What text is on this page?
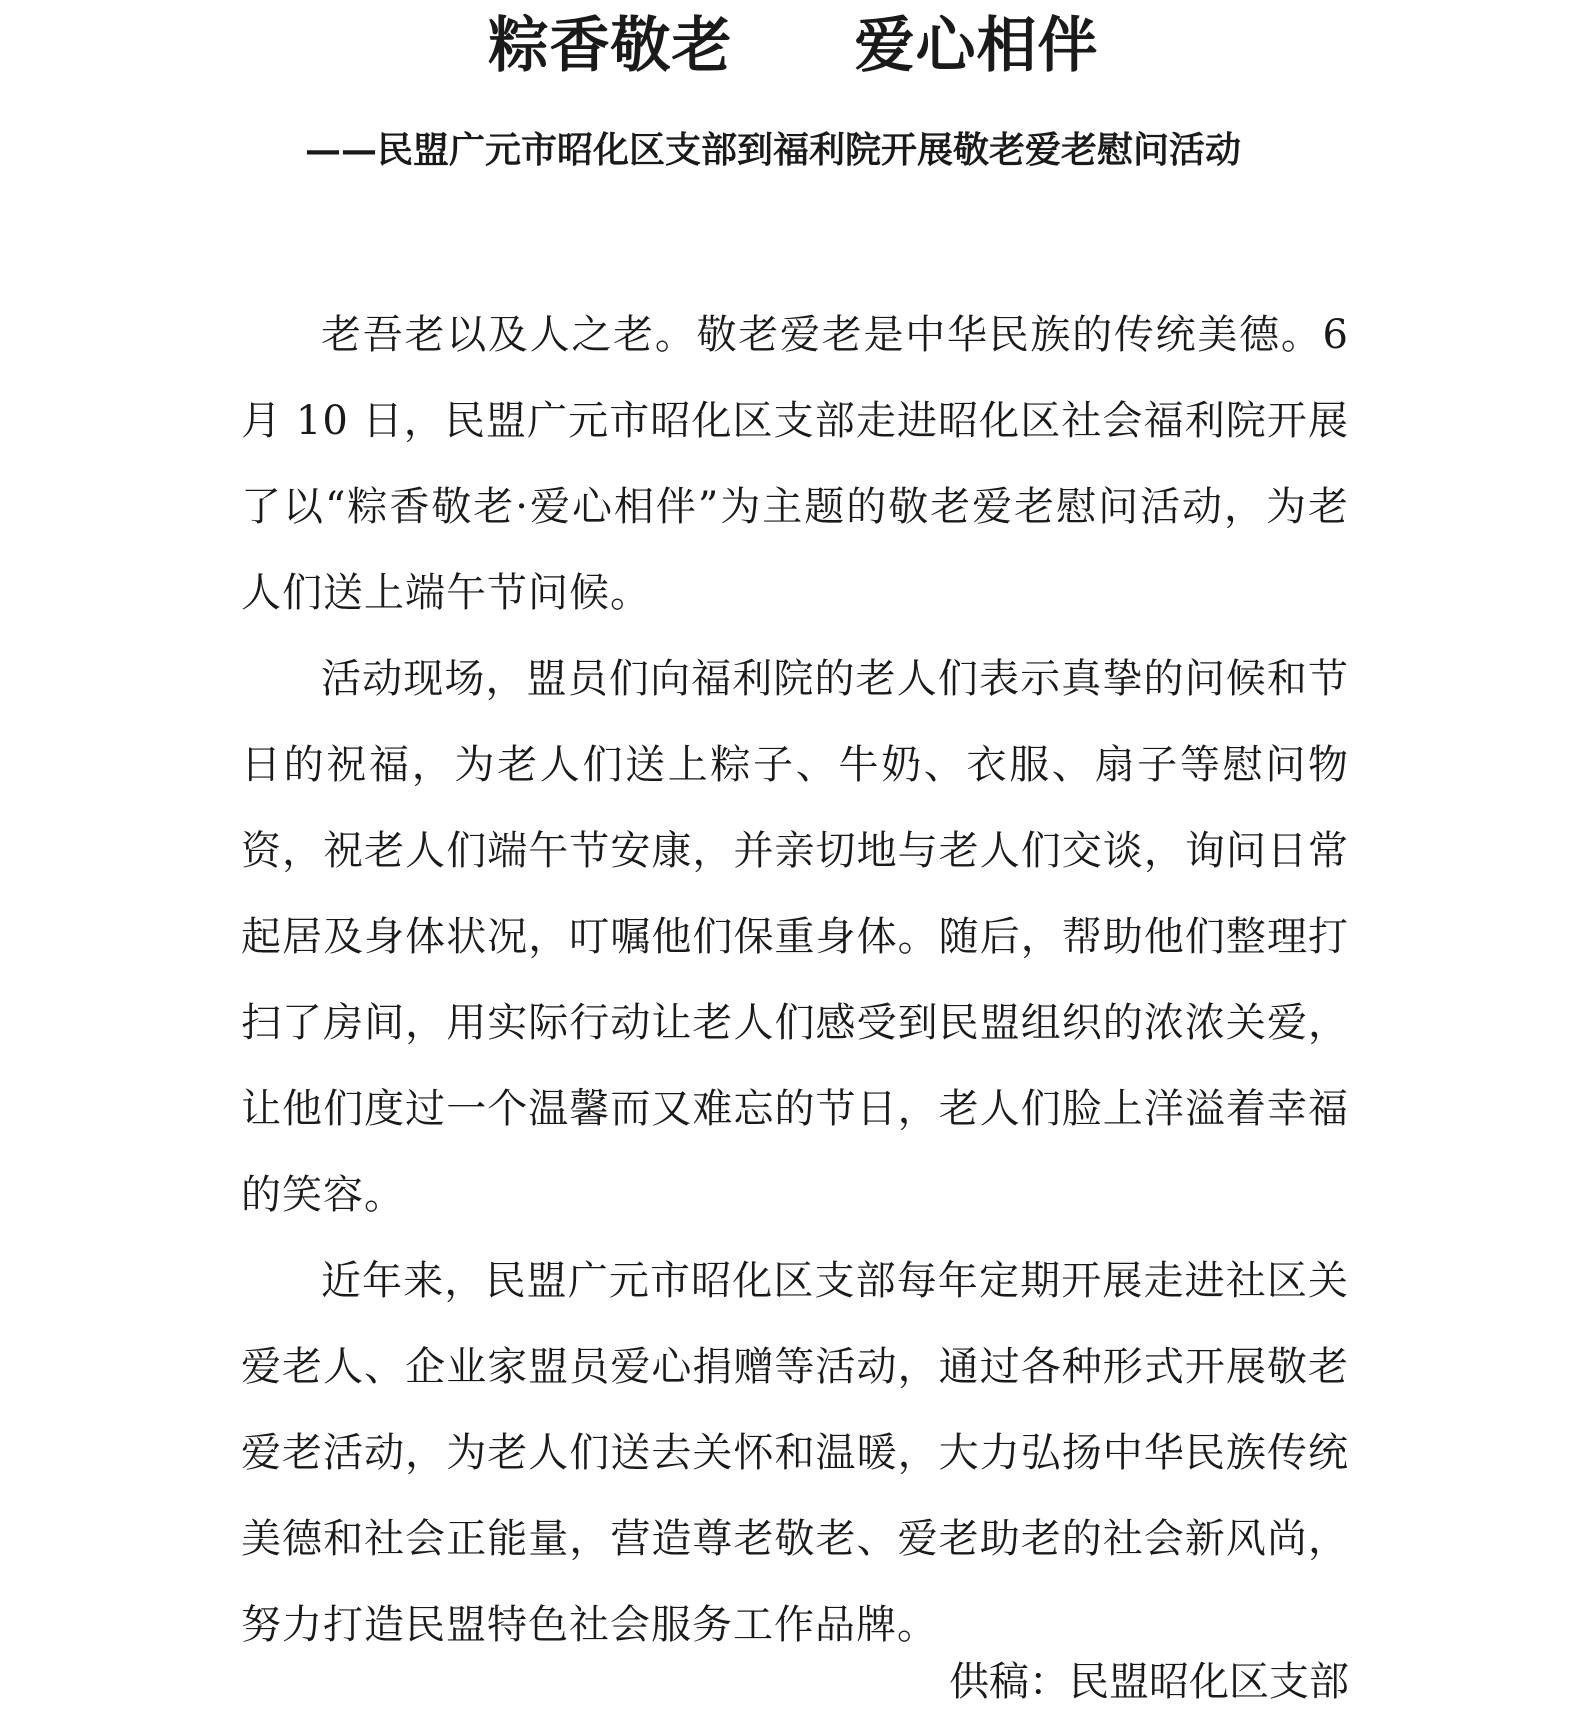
粽香敬老　　爱心相伴
——民盟广元市昭化区支部到福利院开展敬老爱老慰问活动

老吾老以及人之老。敬老爱老是中华民族的传统美德。6 月 10 日，民盟广元市昭化区支部走进昭化区社会福利院开展了以“粽香敬老·爱心相伴”为主题的敬老爱老慰问活动，为老人们送上端午节问候。

活动现场，盟员们向福利院的老人们表示真挚的问候和节日的祝福，为老人们送上粽子、牛奶、衣服、扇子等慰问物资，祝老人们端午节安康，并亲切地与老人们交谈，询问日常起居及身体状况，叮嘱他们保重身体。随后，帮助他们整理打扫了房间，用实际行动让老人们感受到民盟组织的浓浓关爱，让他们度过一个温馨而又难忘的节日，老人们脸上洋溢着幸福的笑容。

近年来，民盟广元市昭化区支部每年定期开展走进社区关爱老人、企业家盟员爱心捐赠等活动，通过各种形式开展敬老爱老活动，为老人们送去关怀和温暖，大力弘扬中华民族传统美德和社会正能量，营造尊老敬老、爱老助老的社会新风尚，努力打造民盟特色社会服务工作品牌。

供稿：民盟昭化区支部
